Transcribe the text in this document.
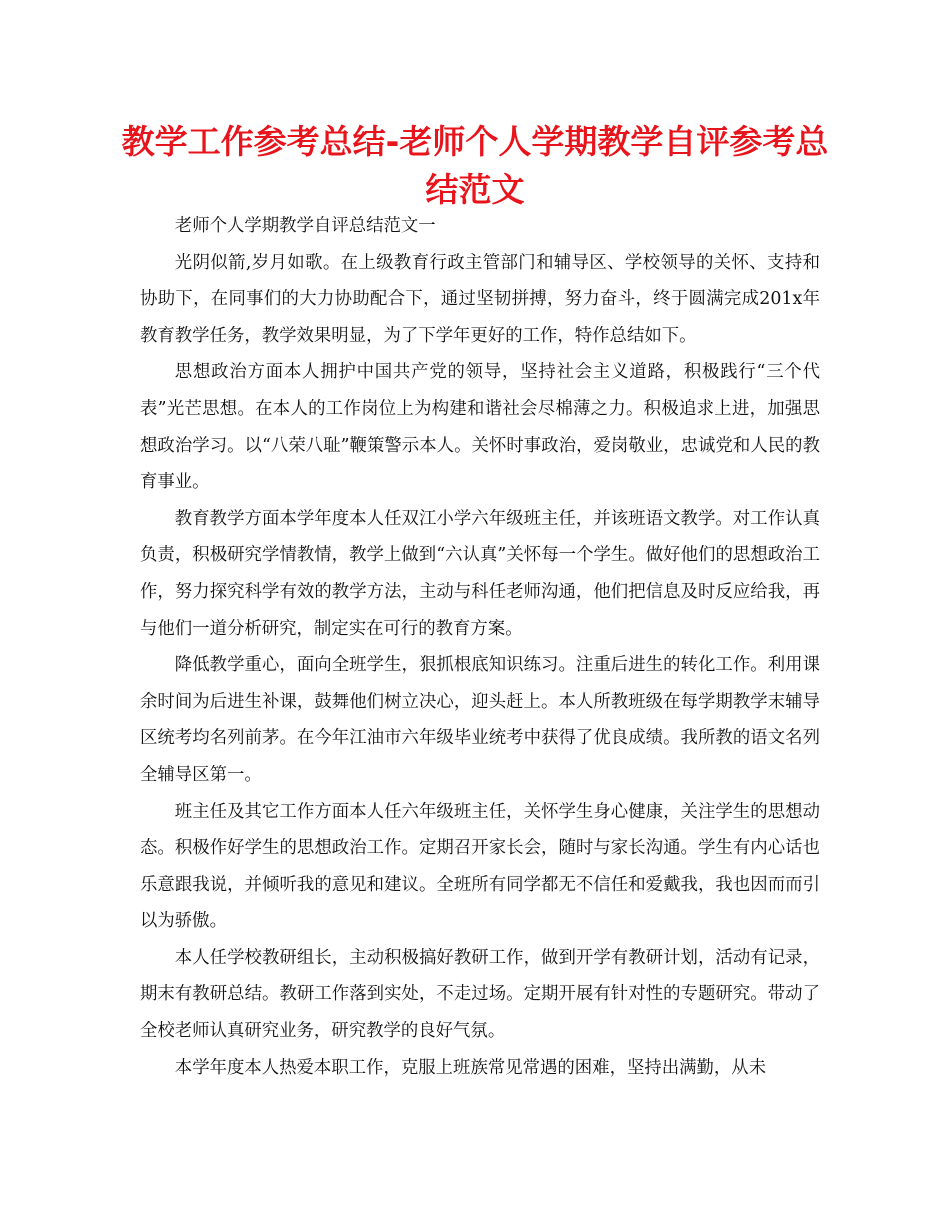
教学工作参考总结-老师个人学期教学自评参考总结范文

老师个人学期教学自评总结范文一

光阴似箭,岁月如歌。在上级教育行政主管部门和辅导区、学校领导的关怀、支持和协助下，在同事们的大力协助配合下，通过坚韧拼搏，努力奋斗，终于圆满完成201x年教育教学任务，教学效果明显，为了下学年更好的工作，特作总结如下。

思想政治方面本人拥护中国共产党的领导，坚持社会主义道路，积极践行“三个代表”光芒思想。在本人的工作岗位上为构建和谐社会尽棉薄之力。积极追求上进，加强思想政治学习。以“八荣八耻”鞭策警示本人。关怀时事政治，爱岗敬业，忠诚党和人民的教育事业。

教育教学方面本学年度本人任双江小学六年级班主任，并该班语文教学。对工作认真负责，积极研究学情教情，教学上做到“六认真”关怀每一个学生。做好他们的思想政治工作，努力探究科学有效的教学方法，主动与科任老师沟通，他们把信息及时反应给我，再与他们一道分析研究，制定实在可行的教育方案。

降低教学重心，面向全班学生，狠抓根底知识练习。注重后进生的转化工作。利用课余时间为后进生补课，鼓舞他们树立决心，迎头赶上。本人所教班级在每学期教学末辅导区统考均名列前茅。在今年江油市六年级毕业统考中获得了优良成绩。我所教的语文名列全辅导区第一。

班主任及其它工作方面本人任六年级班主任，关怀学生身心健康，关注学生的思想动态。积极作好学生的思想政治工作。定期召开家长会，随时与家长沟通。学生有内心话也乐意跟我说，并倾听我的意见和建议。全班所有同学都无不信任和爱戴我，我也因而而引以为骄傲。

本人任学校教研组长，主动积极搞好教研工作，做到开学有教研计划，活动有记录，期末有教研总结。教研工作落到实处，不走过场。定期开展有针对性的专题研究。带动了全校老师认真研究业务，研究教学的良好气氛。

本学年度本人热爱本职工作，克服上班族常见常遇的困难，坚持出满勤，从未
